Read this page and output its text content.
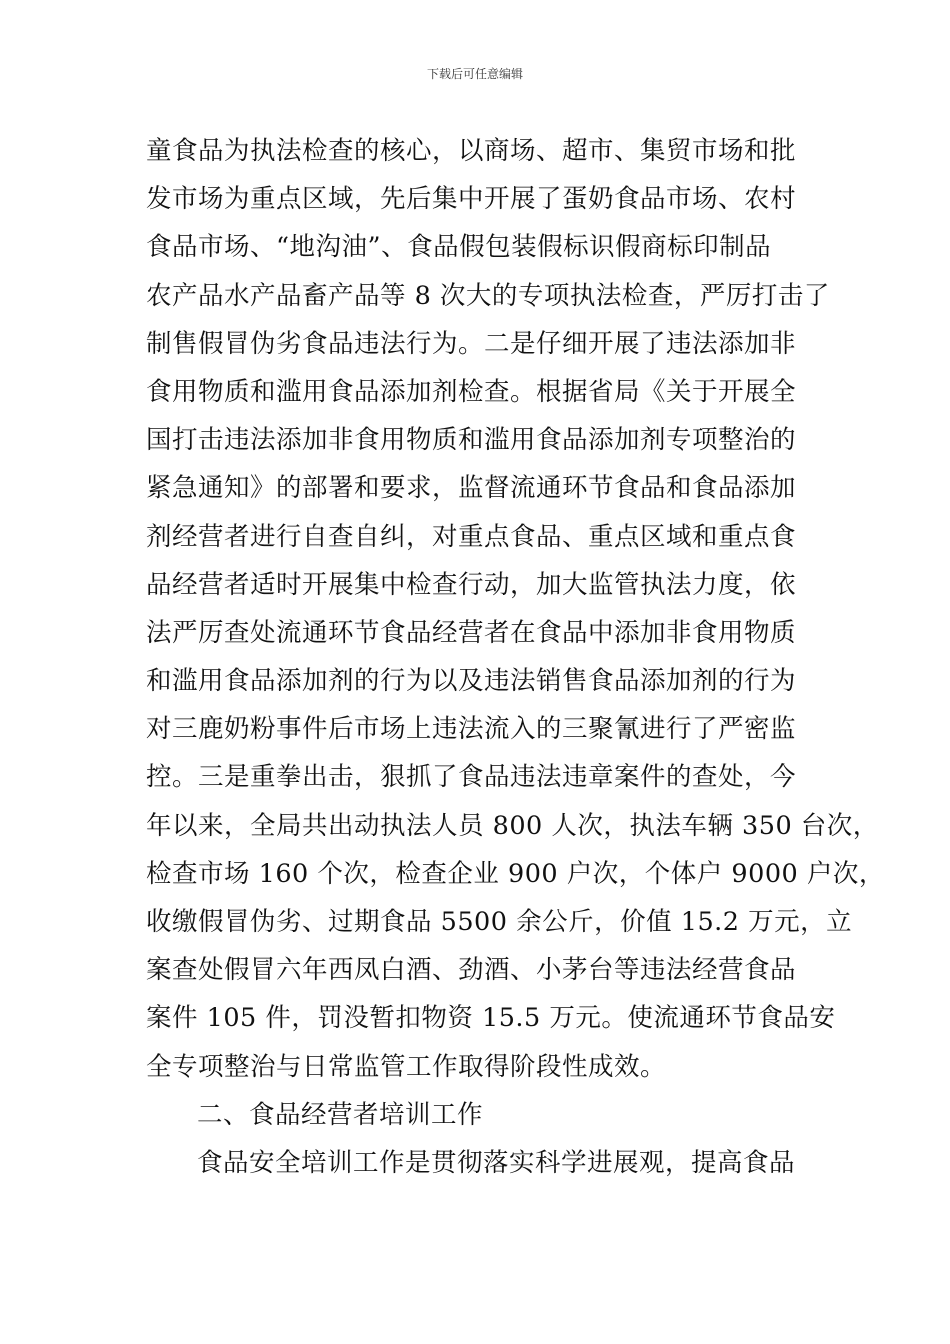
下载后可任意编辑
童食品为执法检查的核心，以商场、超市、集贸市场和批
发市场为重点区域，先后集中开展了蛋奶食品市场、农村
食品市场、“地沟油”、食品假包装假标识假商标印制品
农产品水产品畜产品等 8 次大的专项执法检查，严厉打击了
制售假冒伪劣食品违法行为。二是仔细开展了违法添加非
食用物质和滥用食品添加剂检查。根据省局《关于开展全
国打击违法添加非食用物质和滥用食品添加剂专项整治的
紧急通知》的部署和要求，监督流通环节食品和食品添加
剂经营者进行自查自纠，对重点食品、重点区域和重点食
品经营者适时开展集中检查行动，加大监管执法力度，依
法严厉查处流通环节食品经营者在食品中添加非食用物质
和滥用食品添加剂的行为以及违法销售食品添加剂的行为
对三鹿奶粉事件后市场上违法流入的三聚氰进行了严密监
控。三是重拳出击，狠抓了食品违法违章案件的查处，今
年以来，全局共出动执法人员 800 人次，执法车辆 350 台次，
检查市场 160 个次，检查企业 900 户次，个体户 9000 户次，
收缴假冒伪劣、过期食品 5500 余公斤，价值 15.2 万元，立
案查处假冒六年西凤白酒、劲酒、小茅台等违法经营食品
案件 105 件，罚没暂扣物资 15.5 万元。使流通环节食品安
全专项整治与日常监管工作取得阶段性成效。
二、食品经营者培训工作
食品安全培训工作是贯彻落实科学进展观，提高食品
